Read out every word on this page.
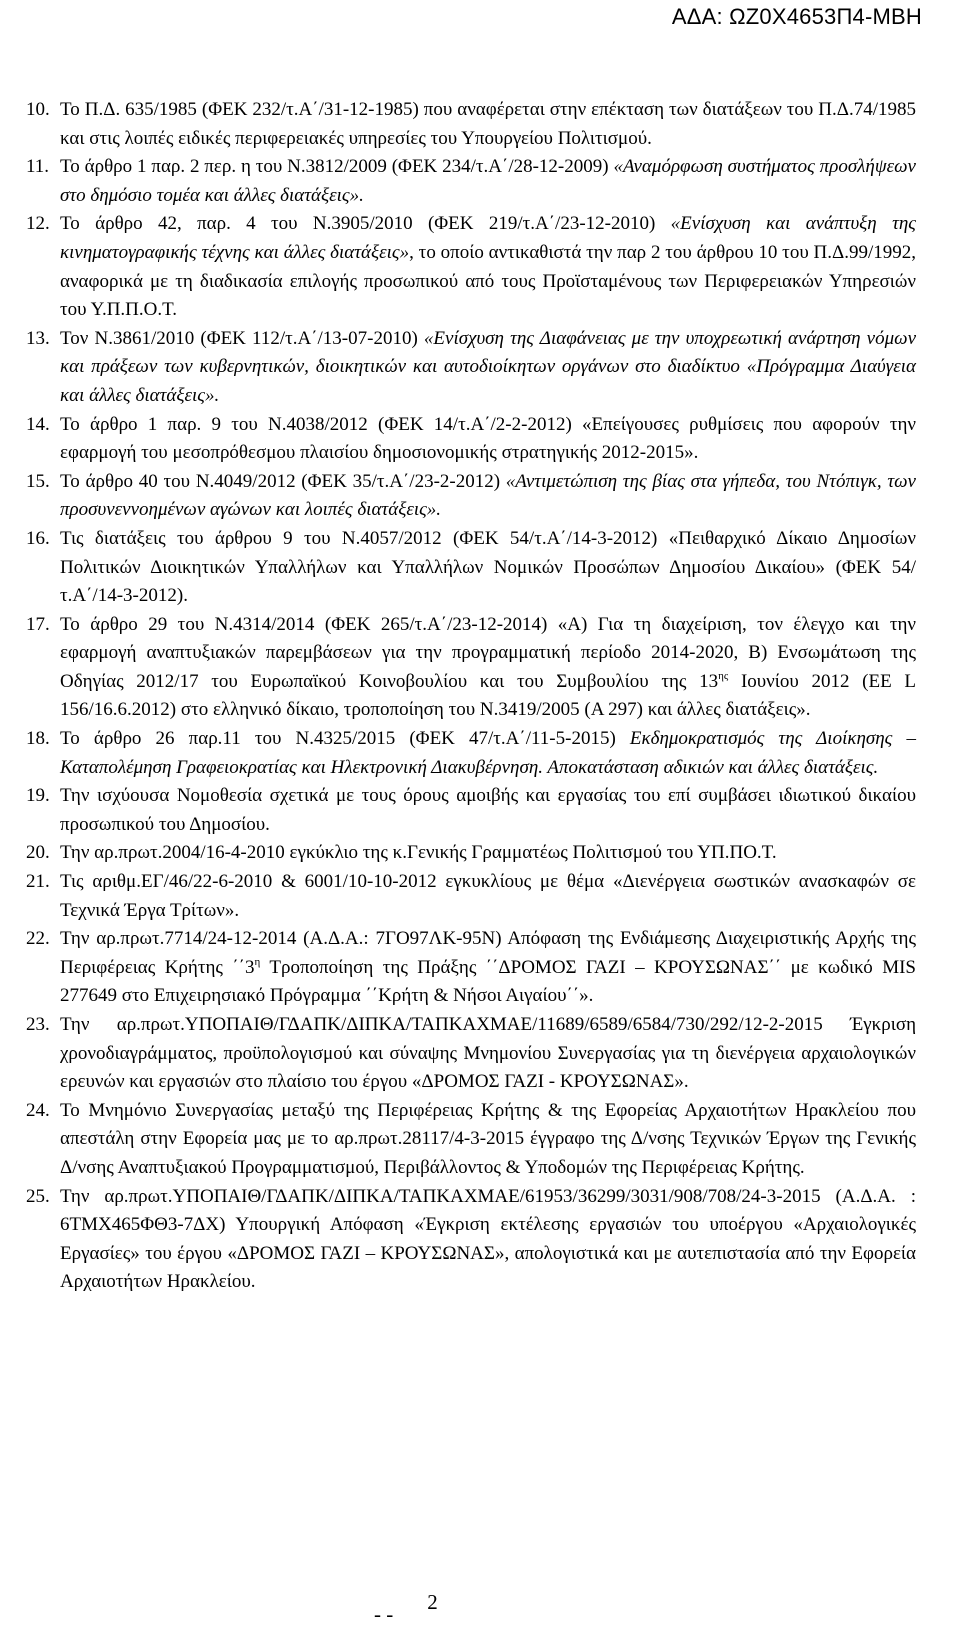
ΑΔΑ: ΩΖ0Χ4653Π4-ΜΒΗ
10. Το Π.Δ. 635/1985 (ΦΕΚ 232/τ.Α΄/31-12-1985) που αναφέρεται στην επέκταση των διατάξεων του Π.Δ.74/1985 και στις λοιπές ειδικές περιφερειακές υπηρεσίες του Υπουργείου Πολιτισμού.
11. Το άρθρο 1 παρ. 2 περ. η του Ν.3812/2009 (ΦΕΚ 234/τ.Α΄/28-12-2009) «Αναμόρφωση συστήματος προσλήψεων στο δημόσιο τομέα και άλλες διατάξεις».
12. Το άρθρο 42, παρ. 4 του Ν.3905/2010 (ΦΕΚ 219/τ.Α΄/23-12-2010) «Ενίσχυση και ανάπτυξη της κινηματογραφικής τέχνης και άλλες διατάξεις», το οποίο αντικαθιστά την παρ 2 του άρθρου 10 του Π.Δ.99/1992, αναφορικά με τη διαδικασία επιλογής προσωπικού από τους Προϊσταμένους των Περιφερειακών Υπηρεσιών του Υ.Π.Π.Ο.Τ.
13. Τον Ν.3861/2010 (ΦΕΚ 112/τ.Α΄/13-07-2010) «Ενίσχυση της Διαφάνειας με την υποχρεωτική ανάρτηση νόμων και πράξεων των κυβερνητικών, διοικητικών και αυτοδιοίκητων οργάνων στο διαδίκτυο «Πρόγραμμα Διαύγεια και άλλες διατάξεις».
14. Το άρθρο 1 παρ. 9 του Ν.4038/2012 (ΦΕΚ 14/τ.Α΄/2-2-2012) «Επείγουσες ρυθμίσεις που αφορούν την εφαρμογή του μεσοπρόθεσμου πλαισίου δημοσιονομικής στρατηγικής 2012-2015».
15. Το άρθρο 40 του Ν.4049/2012 (ΦΕΚ 35/τ.Α΄/23-2-2012) «Αντιμετώπιση της βίας στα γήπεδα, του Ντόπιγκ, των προσυνεννοημένων αγώνων και λοιπές διατάξεις».
16. Τις διατάξεις του άρθρου 9 του Ν.4057/2012 (ΦΕΚ 54/τ.Α΄/14-3-2012) «Πειθαρχικό Δίκαιο Δημοσίων Πολιτικών Διοικητικών Υπαλλήλων και Υπαλλήλων Νομικών Προσώπων Δημοσίου Δικαίου» (ΦΕΚ 54/τ.Α΄/14-3-2012).
17. Το άρθρο 29 του Ν.4314/2014 (ΦΕΚ 265/τ.Α΄/23-12-2014) «Α) Για τη διαχείριση, τον έλεγχο και την εφαρμογή αναπτυξιακών παρεμβάσεων για την προγραμματική περίοδο 2014-2020, Β) Ενσωμάτωση της Οδηγίας 2012/17 του Ευρωπαϊκού Κοινοβουλίου και του Συμβουλίου της $13^{\eta\varsigma}$ Ιουνίου 2012 (ΕΕ L 156/16.6.2012) στο ελληνικό δίκαιο, τροποποίηση του Ν.3419/2005 (Α 297) και άλλες διατάξεις».
18. Το άρθρο 26 παρ.11 του Ν.4325/2015 (ΦΕΚ 47/τ.Α΄/11-5-2015) Εκδημοκρατισμός της Διοίκησης – Καταπολέμηση Γραφειοκρατίας και Ηλεκτρονική Διακυβέρνηση. Αποκατάσταση αδικιών και άλλες διατάξεις.
19. Την ισχύουσα Νομοθεσία σχετικά με τους όρους αμοιβής και εργασίας του επί συμβάσει ιδιωτικού δικαίου προσωπικού του Δημοσίου.
20. Την αρ.πρωτ.2004/16-4-2010 εγκύκλιο της κ.Γενικής Γραμματέως Πολιτισμού του ΥΠ.ΠΟ.Τ.
21. Τις αριθμ.ΕΓ/46/22-6-2010 & 6001/10-10-2012 εγκυκλίους με θέμα «Διενέργεια σωστικών ανασκαφών σε Τεχνικά Έργα Τρίτων».
22. Την αρ.πρωτ.7714/24-12-2014 (Α.Δ.Α.: 7ΓΟ97ΛΚ-95Ν) Απόφαση της Ενδιάμεσης Διαχειριστικής Αρχής της Περιφέρειας Κρήτης $΄΄3^\eta$ Τροποποίηση της Πράξης ΄΄ΔΡΟΜΟΣ ΓΑΖΙ – ΚΡΟΥΣΩΝΑΣ΄΄ με κωδικό MIS 277649 στο Επιχειρησιακό Πρόγραμμα ΄΄Κρήτη & Νήσοι Αιγαίου΄΄».
23. Την αρ.πρωτ.ΥΠΟΠΑΙΘ/ΓΔΑΠΚ/ΔΙΠΚΑ/ΤΑΠΚΑΧΜΑΕ/11689/6589/6584/730/292/12-2-2015 Έγκριση χρονοδιαγράμματος, προϋπολογισμού και σύναψης Μνημονίου Συνεργασίας για τη διενέργεια αρχαιολογικών ερευνών και εργασιών στο πλαίσιο του έργου «ΔΡΟΜΟΣ ΓΑΖΙ - ΚΡΟΥΣΩΝΑΣ».
24. Το Μνημόνιο Συνεργασίας μεταξύ της Περιφέρειας Κρήτης & της Εφορείας Αρχαιοτήτων Ηρακλείου που απεστάλη στην Εφορεία μας με το αρ.πρωτ.28117/4-3-2015 έγγραφο της Δ/νσης Τεχνικών Έργων της Γενικής Δ/νσης Αναπτυξιακού Προγραμματισμού, Περιβάλλοντος & Υποδομών της Περιφέρειας Κρήτης.
25. Την αρ.πρωτ.ΥΠΟΠΑΙΘ/ΓΔΑΠΚ/ΔΙΠΚΑ/ΤΑΠΚΑΧΜΑΕ/61953/36299/3031/908/708/24-3-2015 (Α.Δ.Α. : 6ΤΜΧ465ΦΘ3-7ΔΧ) Υπουργική Απόφαση «Έγκριση εκτέλεσης εργασιών του υποέργου «Αρχαιολογικές Εργασίες» του έργου «ΔΡΟΜΟΣ ΓΑΖΙ – ΚΡΟΥΣΩΝΑΣ», απολογιστικά και με αυτεπιστασία από την Εφορεία Αρχαιοτήτων Ηρακλείου.
- - 2
